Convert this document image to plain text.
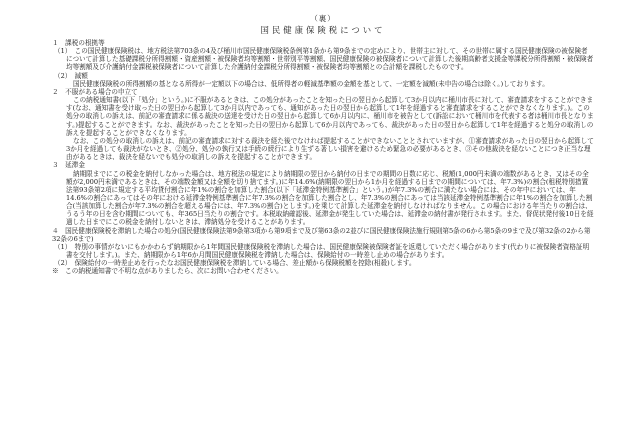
（裏）
国民健康保険税について

１　課税の根拠等

（1）　この国民健康保険税は、地方税法第703条の4及び桶川市国民健康保険税条例第1条から第9条までの定めにより、世帯主に対して、その世帯に属する国民健康保険の被保険者について計算した基礎課税分所得割額・資産割額・被保険者均等割額・世帯別平等割額、国民健康保険の被保険者について計算した後期高齢者支援金等課税分所得割額・被保険者均等割額及び介護納付金課税被保険者について計算した介護納付金課税分所得割額・被保険者均等割額との合計額を課税したものです。

（2）　減額

国民健康保険税の所得割額の基となる所得が一定額以下の場合は、低所得者の軽減基準額の金額を基として、一定額を減額(未申告の場合は除く。)しております。

２　不服がある場合の申立て

この納税通知書(以下「処分」という。)に不服があるときは、この処分があったことを知った日の翌日から起算して3か月以内に桶川市長に対して、審査請求をすることができます(なお、通知書を受け取った日の翌日から起算して3か月以内であっても、通知があった日の翌日から起算して1年を経過すると審査請求をすることができなくなります。)。この処分の取消しの訴えは、前記の審査請求に係る裁決の送達を受けた日の翌日から起算して6か月以内に、桶川市を被告として(訴訟において桶川市を代表する者は桶川市長となります。)提起することができます。なお、裁決があったことを知った日の翌日から起算して6か月以内であっても、裁決があった日の翌日から起算して1年を経過すると処分の取消しの訴えを提起することができなくなります。

なお、この処分の取消しの訴えは、前記の審査請求に対する裁決を経た後でなければ提起することができないこととされていますが、①審査請求があった日の翌日から起算して3か月を経過しても裁決がないとき、②処分、処分の執行又は手続の続行により生ずる著しい損害を避けるため緊急の必要があるとき、③その他裁決を経ないことにつき正当な理由があるときは、裁決を経ないでも処分の取消しの訴えを提起することができます。

３　延滞金

納期限までにこの税金を納付しなかった場合は、地方税法の規定により納期限の翌日から納付の日までの期間の日数に応じ、税額(1,000円未満の端数があるとき、又はその全額が2,000円未満であるときは、その端数金額又は全額を切り捨てます。)に年14.6%(納期限の翌日から1か月を経過する日までの期間については、年7.3%)の割合(租税特別措置法第93条第2項に規定する平均貸付割合に年1%の割合を加算した割合(以下「延滞金特例基準割合」という。)が年7.3%の割合に満たない場合には、その年中においては、年14.6%の割合にあってはその年における延滞金特例基準割合に年7.3%の割合を加算した割合とし、年7.3%の割合にあっては当該延滞金特例基準割合に年1%の割合を加算した割合(当該加算した割合が年7.3%の割合を超える場合には、年7.3%の割合)とします。)を乗じて計算した延滞金を納付しなければなりません。この場合における年当たりの割合は、うるう年の日を含む期間についても、年365日当たりの割合です。本税取納確認後、延滞金が発生していた場合は、延滞金の納付書が発行されます。また、督促状発付後10日を経過した日までにこの税金を納付しないときは、滞納処分を受けることがあります。

４　国民健康保険税を滞納した場合の処分(国民健康保険法第9条第3項から第9項まで及び第63条の2並びに国民健康保険法施行規則第5条の6から第5条の9まで及び第32条の2から第32条の6まで)

（1）　特別の事情がないにもかかわらず納期限から1年間国民健康保険税を滞納した場合は、国民健康保険被保険者証を返還していただく場合があります(代わりに被保険者資格証明書を交付します。)。また、納期限から1年6か月間国民健康保険税を滞納した場合は、保険給付の一時差し止めの場合があります。

（2）　保険給付の一時差止めを行ったなお国民健康保険税を滞納している場合、差止額から保険税額を控除(相殺)します。

※　この納税通知書で不明な点がありましたら、次にお問い合わせください。
